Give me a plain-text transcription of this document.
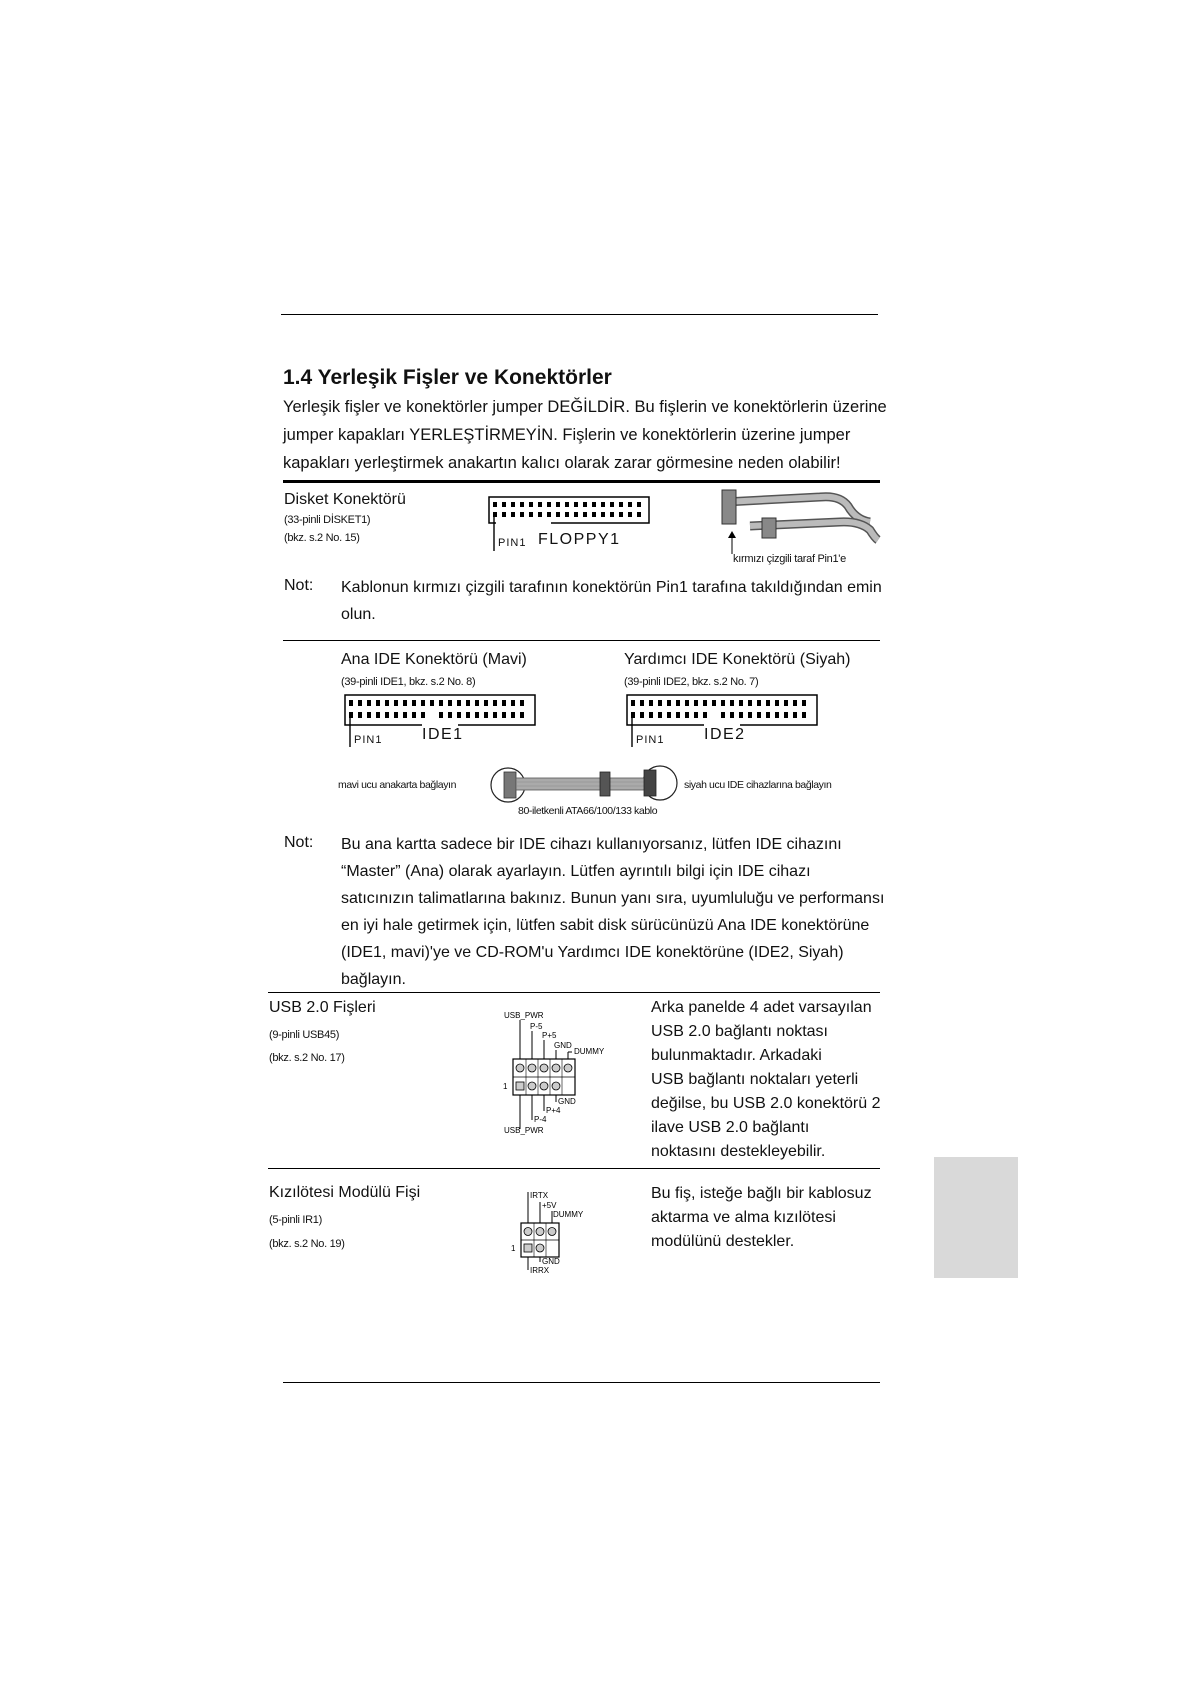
1.4 Yerleşik Fişler ve Konektörler
Yerleşik fişler ve konektörler jumper DEĞİLDİR. Bu fişlerin ve konektörlerin üzerine
jumper kapakları YERLEŞTİRMEYİN. Fişlerin ve konektörlerin üzerine jumper
kapakları yerleştirmek anakartın kalıcı olarak zarar görmesine neden olabilir!
Disket Konektörü
(33-pinli DİSKET1)
(bkz. s.2 No. 15)	PIN1 FLOPPY1
kırmızı çizgili taraf Pin1'e
Not: Kablonun kırmızı çizgili tarafının konektörün Pin1 tarafına takıldığından emin
olun.
Ana IDE Konektörü (Mavi)
(39-pinli IDE1, bkz. s.2 No. 8)
Yardımcı IDE Konektörü (Siyah)
(39-pinli IDE2, bkz. s.2 No. 7)
PIN1 IDE1	PIN1 IDE2
mavi ucu anakarta bağlayın	siyah ucu IDE cihazlarına bağlayın
80-iletkenli ATA66/100/133 kablo
Not: Bu ana kartta sadece bir IDE cihazı kullanıyorsanız, lütfen IDE cihazını
“Master” (Ana) olarak ayarlayın. Lütfen ayrıntılı bilgi için IDE cihazı
satıcınızın talimatlarına bakınız. Bunun yanı sıra, uyumluluğu ve performansı
en iyi hale getirmek için, lütfen sabit disk sürücünüzü Ana IDE konektörüne
(IDE1, mavi)'ye ve CD-ROM'u Yardımcı IDE konektörüne (IDE2, Siyah)
bağlayın.
USB 2.0 Fişleri
(9-pinli USB45)
(bkz. s.2 No. 17)
USB_PWR
P-5
P+5
GND
DUMMY
1
GND
P+4
P-4
USB_PWR
Arka panelde 4 adet varsayılan
USB 2.0 bağlantı noktası
bulunmaktadır. Arkadaki
USB bağlantı noktaları yeterli
değilse, bu USB 2.0 konektörü 2
ilave USB 2.0 bağlantı
noktasını destekleyebilir.
Kızılötesi Modülü Fişi
(5-pinli IR1)
(bkz. s.2 No. 19)
IRTX
+5V
DUMMY
1
GND
IRRX
Bu fiş, isteğe bağlı bir kablosuz
aktarma ve alma kızılötesi
modülünü destekler.
